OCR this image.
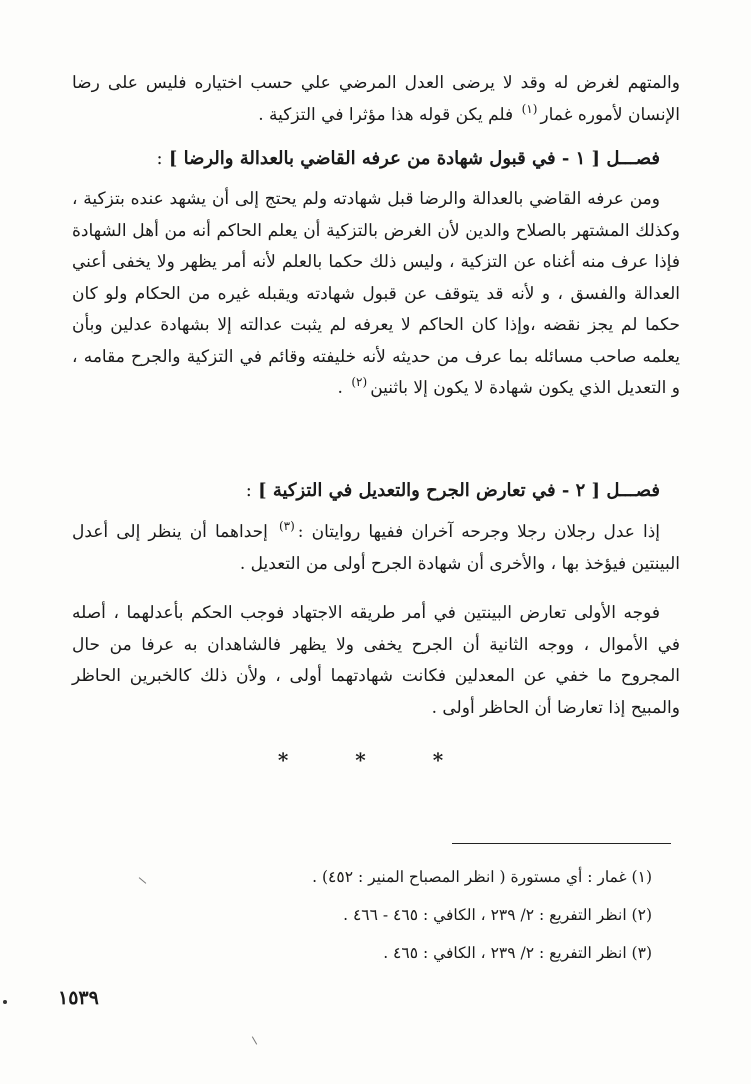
والمتهم لغرض له وقد لا يرضى العدل المرضي علي حسب اختياره فليس على رضا الإنسان لأموره غمار$^{(١)}$ فلم يكن قوله هذا مؤثرا في التزكية .

فصـــل [ ١ - في قبول شهادة من عرفه القاضي بالعدالة والرضا ] :

ومن عرفه القاضي بالعدالة والرضا قبل شهادته ولم يحتج إلى أن يشهد عنده بتزكية ، وكذلك المشتهر بالصلاح والدين لأن الغرض بالتزكية أن يعلم الحاكم أنه من أهل الشهادة فإذا عرف منه أغناه عن التزكية ، وليس ذلك حكما بالعلم لأنه أمر يظهر ولا يخفى أعني العدالة والفسق ، و لأنه قد يتوقف عن قبول شهادته ويقبله غيره من الحكام ولو كان حكما لم يجز نقضه ،وإذا كان الحاكم لا يعرفه لم يثبت عدالته إلا بشهادة عدلين وبأن يعلمه صاحب مسائله بما عرف من حديثه لأنه خليفته وقائم في التزكية والجرح مقامه ، و التعديل الذي يكون شهادة لا يكون إلا باثنين$^{(٢)}$ .

فصـــل [ ٢ - في تعارض الجرح والتعديل في التزكية ] :

إذا عدل رجلان رجلا وجرحه آخران ففيها روايتان :$^{(٣)}$ إحداهما أن ينظر إلى أعدل البينتين فيؤخذ بها ، والأخرى أن شهادة الجرح أولى من التعديل .

فوجه الأولى تعارض البينتين في أمر طريقه الاجتهاد فوجب الحكم بأعدلهما ، أصله في الأموال ، ووجه الثانية أن الجرح يخفى ولا يظهر فالشاهدان به عرفا من حال المجروح ما خفي عن المعدلين فكانت شهادتهما أولى ، ولأن ذلك كالخبرين الحاظر والمبيح إذا تعارضا أن الحاظر أولى .

* * *
(١) غمار : أي مستورة ( انظر المصباح المنير : ٤٥٢) .
(٢) انظر التفريع : ٢/ ٢٣٩ ، الكافي : ٤٦٥ - ٤٦٦ .
(٣) انظر التفريع : ٢/ ٢٣٩ ، الكافي : ٤٦٥ .
١٥٣٩
